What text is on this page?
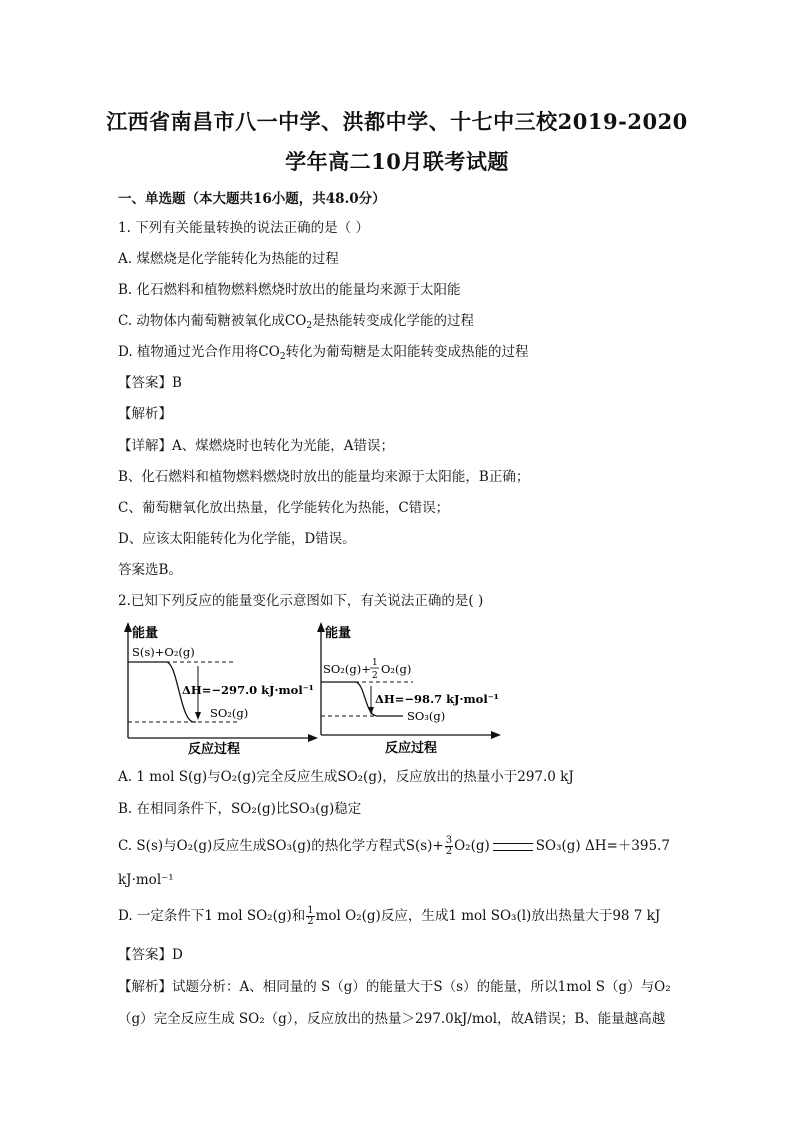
江西省南昌市八一中学、洪都中学、十七中三校2019-2020
学年高二10月联考试题
一、单选题（本大题共16小题，共48.0分）
1. 下列有关能量转换的说法正确的是（ ）
A. 煤燃烧是化学能转化为热能的过程
B. 化石燃料和植物燃料燃烧时放出的能量均来源于太阳能
C. 动物体内葡萄糖被氧化成$CO_2$是热能转变成化学能的过程
D. 植物通过光合作用将$CO_2$转化为葡萄糖是太阳能转变成热能的过程
【答案】B
【解析】
【详解】A、煤燃烧时也转化为光能，A错误；
B、化石燃料和植物燃料燃烧时放出的能量均来源于太阳能，B正确；
C、葡萄糖氧化放出热量，化学能转化为热能，C错误；
D、应该太阳能转化为化学能，D错误。
答案选B。
2.已知下列反应的能量变化示意图如下，有关说法正确的是( )
能量
反应过程
S(s)+O₂(g)
ΔH=−297.0 kJ·mol⁻¹
SO₂(g)
能量
反应过程
SO₂(g)+ 1
2 O₂(g)
ΔH=−98.7 kJ·mol⁻¹
SO₃(g)
A. 1 mol S(g)与O₂(g)完全反应生成SO₂(g)，反应放出的热量小于297.0 kJ
B. 在相同条件下，SO₂(g)比SO₃(g)稳定
C. S(s)与O₂(g)反应生成SO₃(g)的热化学方程式$S(s)+ \frac{3}{2} O_2(g)$	SO₃(g) ΔH=＋395.7
kJ·mol⁻¹
D. 一定条件下1 mol SO₂(g)和 $\frac{1}{2}$ mol O₂(g)反应，生成1 mol SO₃(l)放出热量大于98 7 kJ
【答案】D
【解析】试题分析：A、相同量的 S（g）的能量大于S（s）的能量，所以1mol S（g）与O₂
（g）完全反应生成 SO₂（g），反应放出的热量＞297.0kJ/mol，故A错误；B、能量越高越
